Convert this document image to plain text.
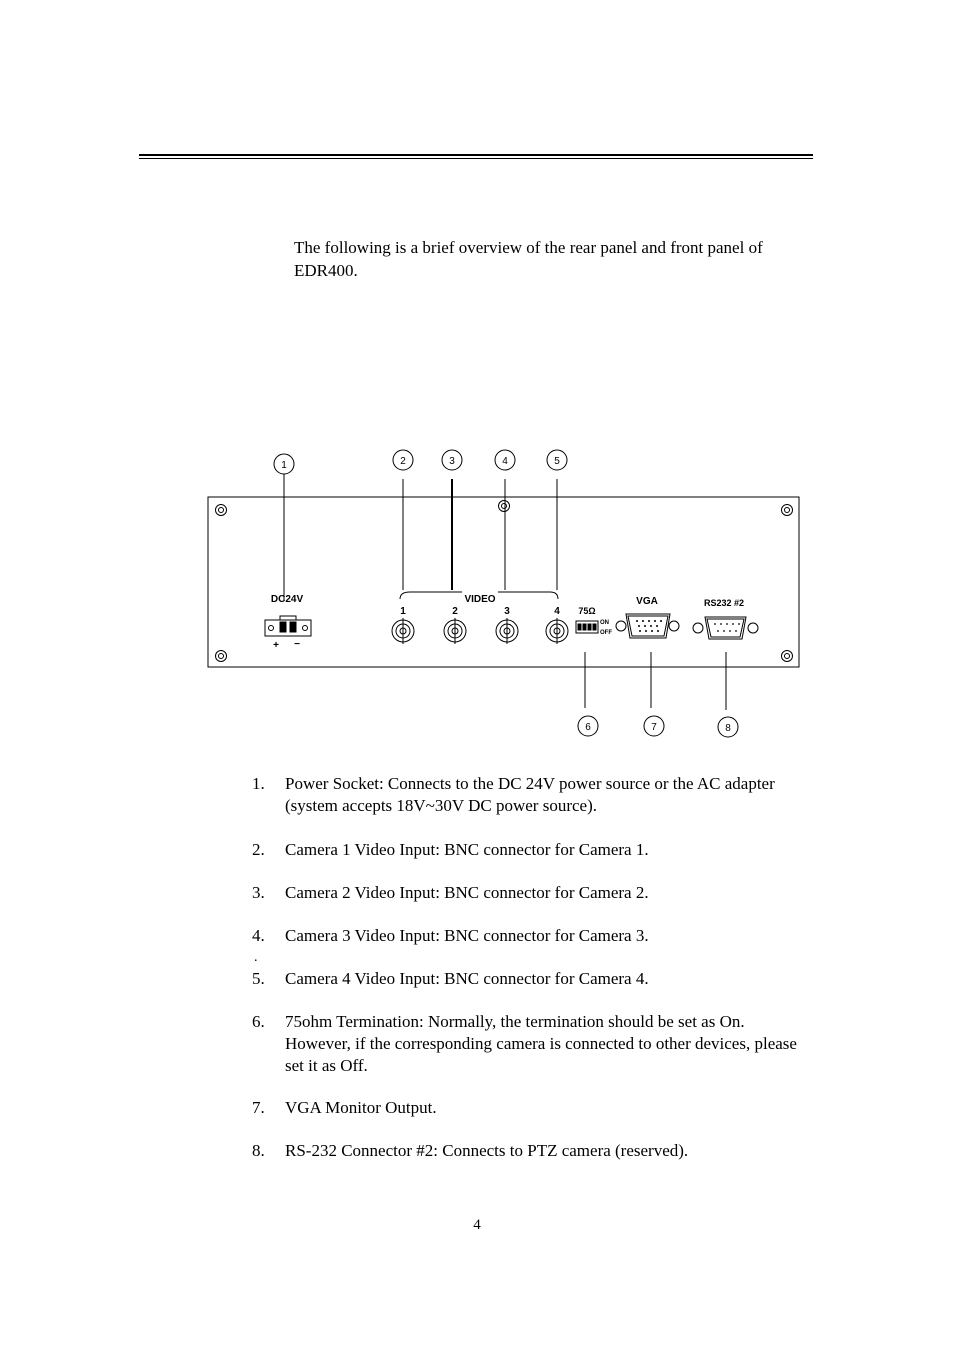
The following is a brief overview of the rear panel and front panel of EDR400.
1	2	3	4	5
6	7	8
DC24V
+ −
VIDEO
1	2	3	4 75Ω
ON
OFF
VGA	RS232 #2
1. Power Socket: Connects to the DC 24V power source or the AC adapter (system accepts 18V~30V DC power source).
2. Camera 1 Video Input: BNC connector for Camera 1.
3. Camera 2 Video Input: BNC connector for Camera 2.
4. Camera 3 Video Input: BNC connector for Camera 3.
5. Camera 4 Video Input: BNC connector for Camera 4.
6. 75ohm Termination: Normally, the termination should be set as On. However, if the corresponding camera is connected to other devices, please set it as Off.
7. VGA Monitor Output.
8. RS-232 Connector #2: Connects to PTZ camera (reserved).
.
4
